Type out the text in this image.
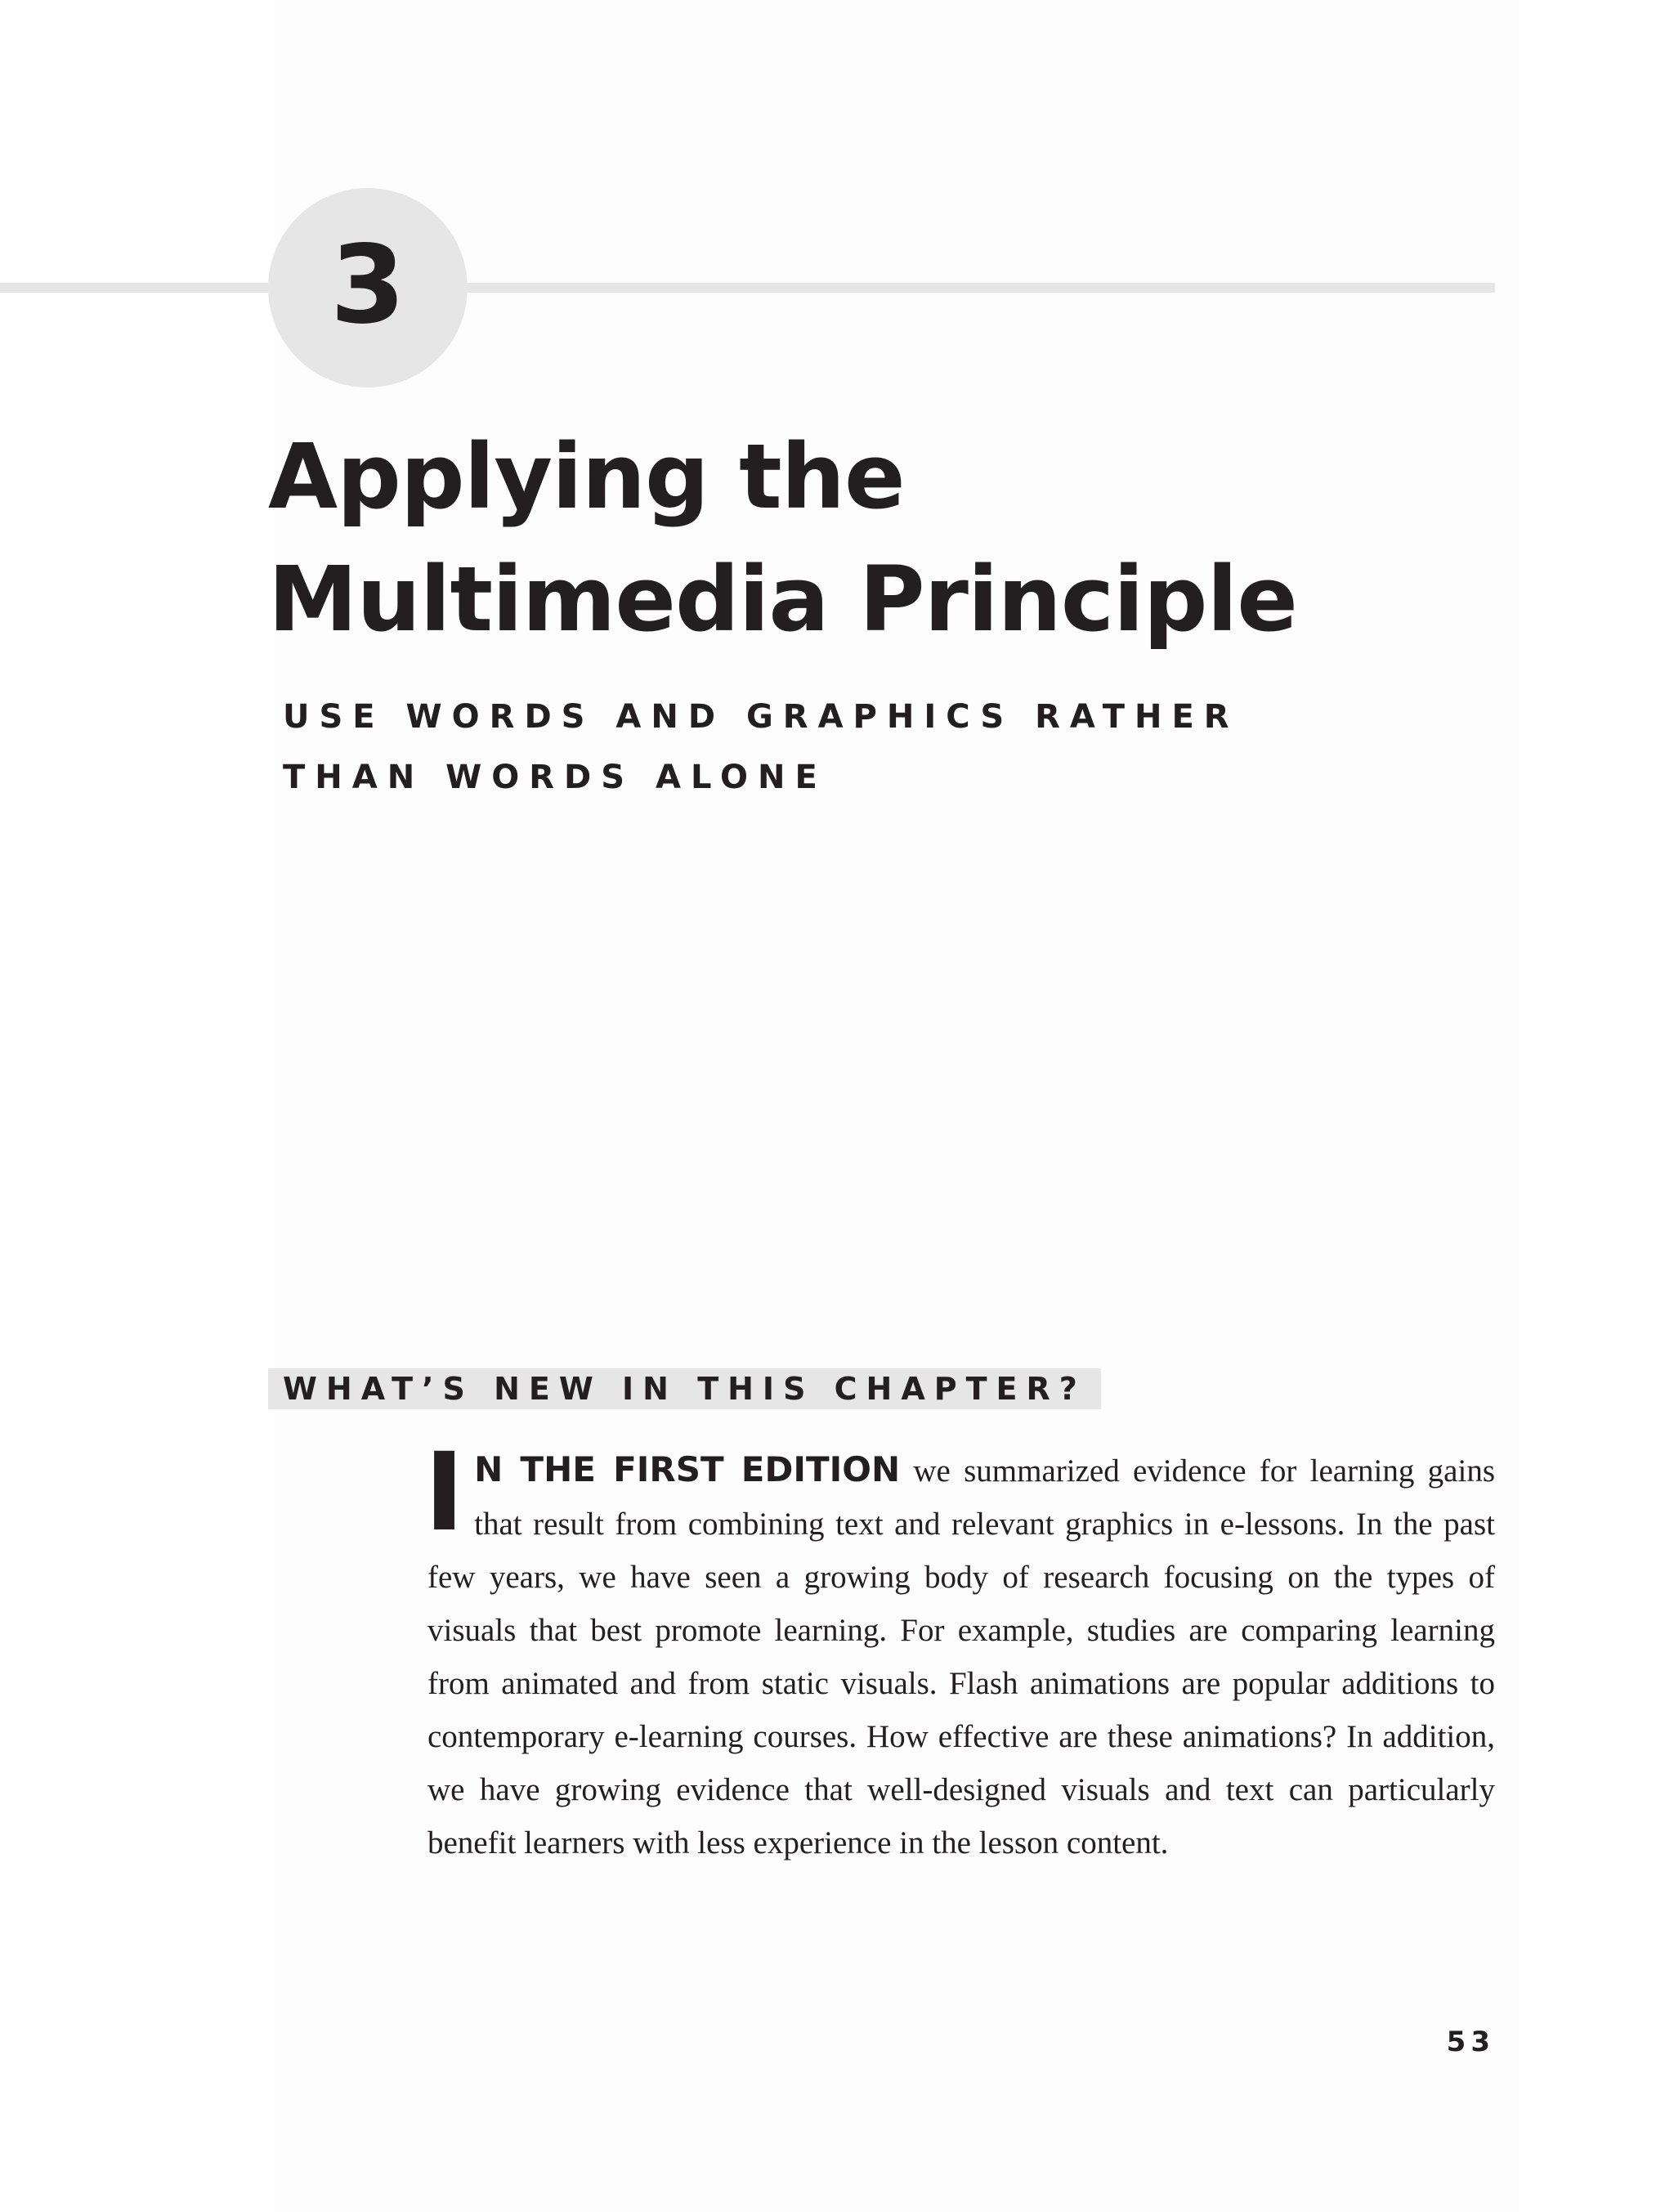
3
Applying the Multimedia Principle
USE WORDS AND GRAPHICS RATHER
THAN WORDS ALONE
WHAT’S NEW IN THIS CHAPTER?

I N THE FIRST EDITION we summarized evidence for learning gains that result from combining text and relevant graphics in e-lessons. In the past few years, we have seen a growing body of research focusing on the types of visuals that best promote learning. For example, studies are comparing learning from animated and from static visuals. Flash animations are popular additions to contemporary e-learning courses. How effective are these animations? In addition, we have growing evidence that well-designed visuals and text can particularly benefit learners with less experience in the lesson content.

53
